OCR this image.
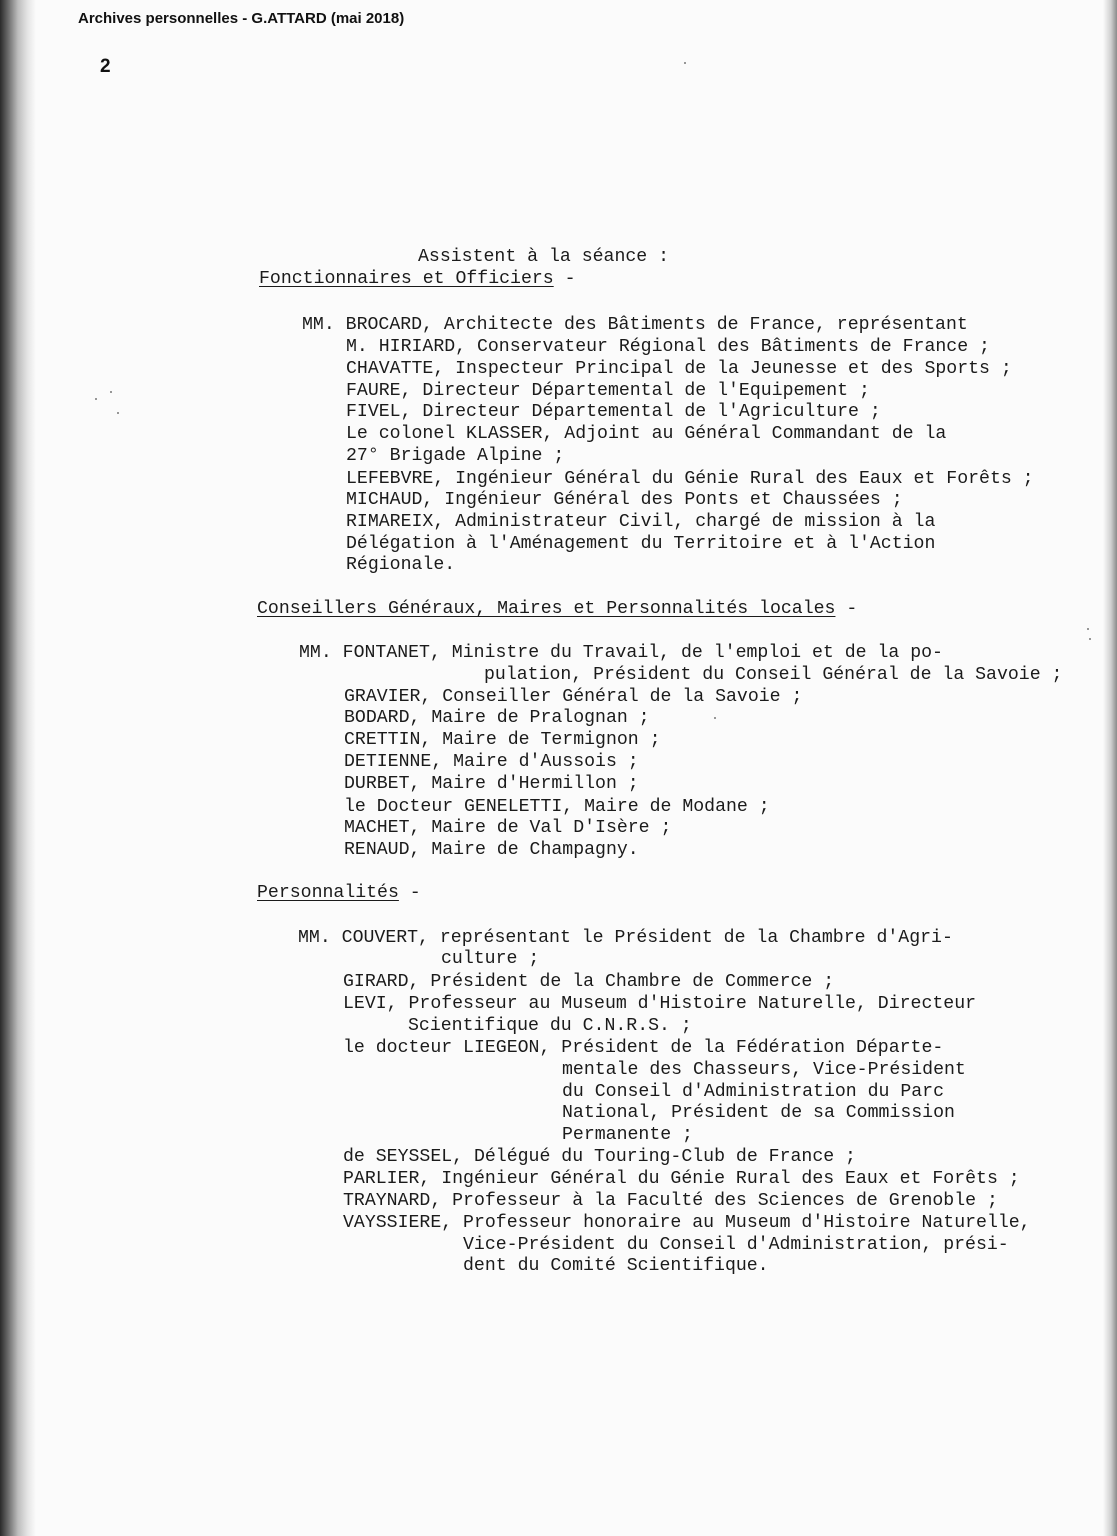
Archives personnelles - G.ATTARD (mai 2018)
2
Assistent à la séance :
Fonctionnaires et Officiers -
MM. BROCARD, Architecte des Bâtiments de France, représentant
M. HIRIARD, Conservateur Régional des Bâtiments de France ;
CHAVATTE, Inspecteur Principal de la Jeunesse et des Sports ;
FAURE, Directeur Départemental de l'Equipement ;
FIVEL, Directeur Départemental de l'Agriculture ;
Le colonel KLASSER, Adjoint au Général Commandant de la
27° Brigade Alpine ;
LEFEBVRE, Ingénieur Général du Génie Rural des Eaux et Forêts ;
MICHAUD, Ingénieur Général des Ponts et Chaussées ;
RIMAREIX, Administrateur Civil, chargé de mission à la
Délégation à l'Aménagement du Territoire et à l'Action
Régionale.
Conseillers Généraux, Maires et Personnalités locales -
MM. FONTANET, Ministre du Travail, de l'emploi et de la po-
pulation, Président du Conseil Général de la Savoie ;
GRAVIER, Conseiller Général de la Savoie ;
BODARD, Maire de Pralognan ;
CRETTIN, Maire de Termignon ;
DETIENNE, Maire d'Aussois ;
DURBET, Maire d'Hermillon ;
le Docteur GENELETTI, Maire de Modane ;
MACHET, Maire de Val D'Isère ;
RENAUD, Maire de Champagny.
Personnalités -
MM. COUVERT, représentant le Président de la Chambre d'Agri-
culture ;
GIRARD, Président de la Chambre de Commerce ;
LEVI, Professeur au Museum d'Histoire Naturelle, Directeur
Scientifique du C.N.R.S. ;
le docteur LIEGEON, Président de la Fédération Départe-
mentale des Chasseurs, Vice-Président
du Conseil d'Administration du Parc
National, Président de sa Commission
Permanente ;
de SEYSSEL, Délégué du Touring-Club de France ;
PARLIER, Ingénieur Général du Génie Rural des Eaux et Forêts ;
TRAYNARD, Professeur à la Faculté des Sciences de Grenoble ;
VAYSSIERE, Professeur honoraire au Museum d'Histoire Naturelle,
Vice-Président du Conseil d'Administration, prési-
dent du Comité Scientifique.
